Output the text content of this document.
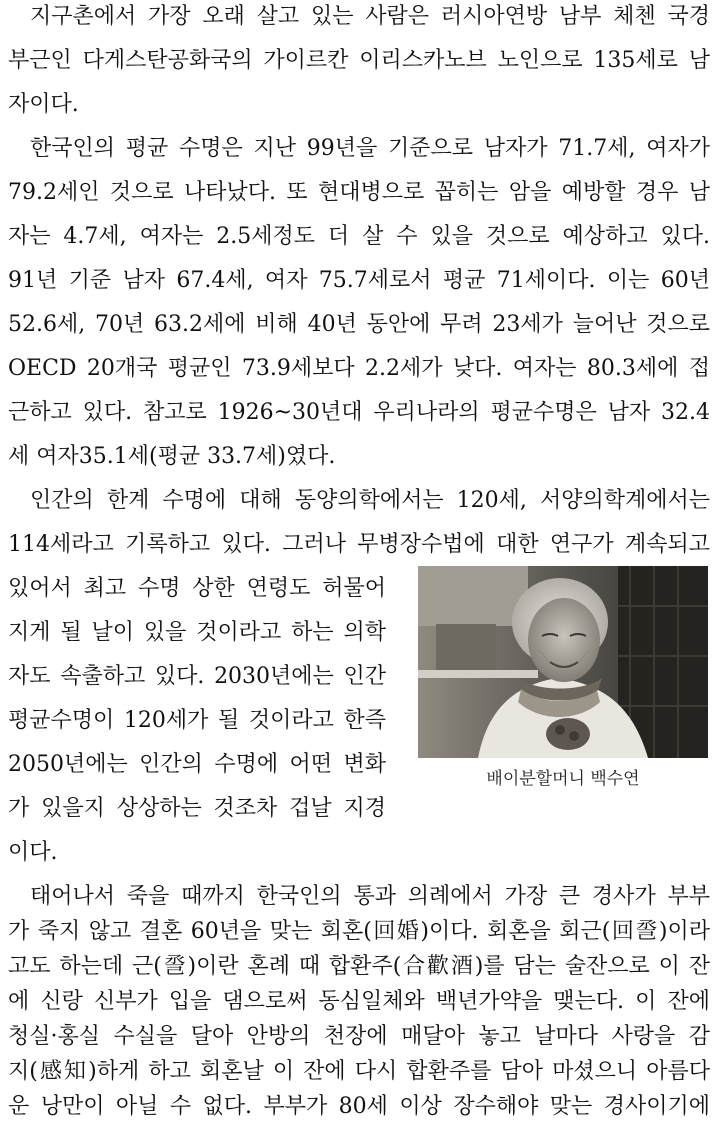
지구촌에서 가장 오래 살고 있는 사람은 러시아연방 남부 체첸 국경
부근인 다게스탄공화국의 가이르칸 이리스카노브 노인으로 135세로 남
자이다.
한국인의 평균 수명은 지난 99년을 기준으로 남자가 71.7세, 여자가
79.2세인 것으로 나타났다. 또 현대병으로 꼽히는 암을 예방할 경우 남
자는 4.7세, 여자는 2.5세정도 더 살 수 있을 것으로 예상하고 있다.
91년 기준 남자 67.4세, 여자 75.7세로서 평균 71세이다. 이는 60년
52.6세, 70년 63.2세에 비해 40년 동안에 무려 23세가 늘어난 것으로
OECD 20개국 평균인 73.9세보다 2.2세가 낮다. 여자는 80.3세에 접
근하고 있다. 참고로 1926~30년대 우리나라의 평균수명은 남자 32.4
세 여자35.1세(평균 33.7세)였다.
인간의 한계 수명에 대해 동양의학에서는 120세, 서양의학계에서는
114세라고 기록하고 있다. 그러나 무병장수법에 대한 연구가 계속되고
있어서 최고 수명 상한 연령도 허물어
지게 될 날이 있을 것이라고 하는 의학
자도 속출하고 있다. 2030년에는 인간
평균수명이 120세가 될 것이라고 한즉
2050년에는 인간의 수명에 어떤 변화
가 있을지 상상하는 것조차 겁날 지경
이다.
배이분할머니 백수연
태어나서 죽을 때까지 한국인의 통과 의례에서 가장 큰 경사가 부부
가 죽지 않고 결혼 60년을 맞는 회혼(回婚)이다. 회혼을 회근(回巹)이라
고도 하는데 근(巹)이란 혼례 때 합환주(合歡酒)를 담는 술잔으로 이 잔
에 신랑 신부가 입을 댐으로써 동심일체와 백년가약을 맺는다. 이 잔에
청실·홍실 수실을 달아 안방의 천장에 매달아 놓고 날마다 사랑을 감
지(感知)하게 하고 회혼날 이 잔에 다시 합환주를 담아 마셨으니 아름다
운 낭만이 아닐 수 없다. 부부가 80세 이상 장수해야 맞는 경사이기에
